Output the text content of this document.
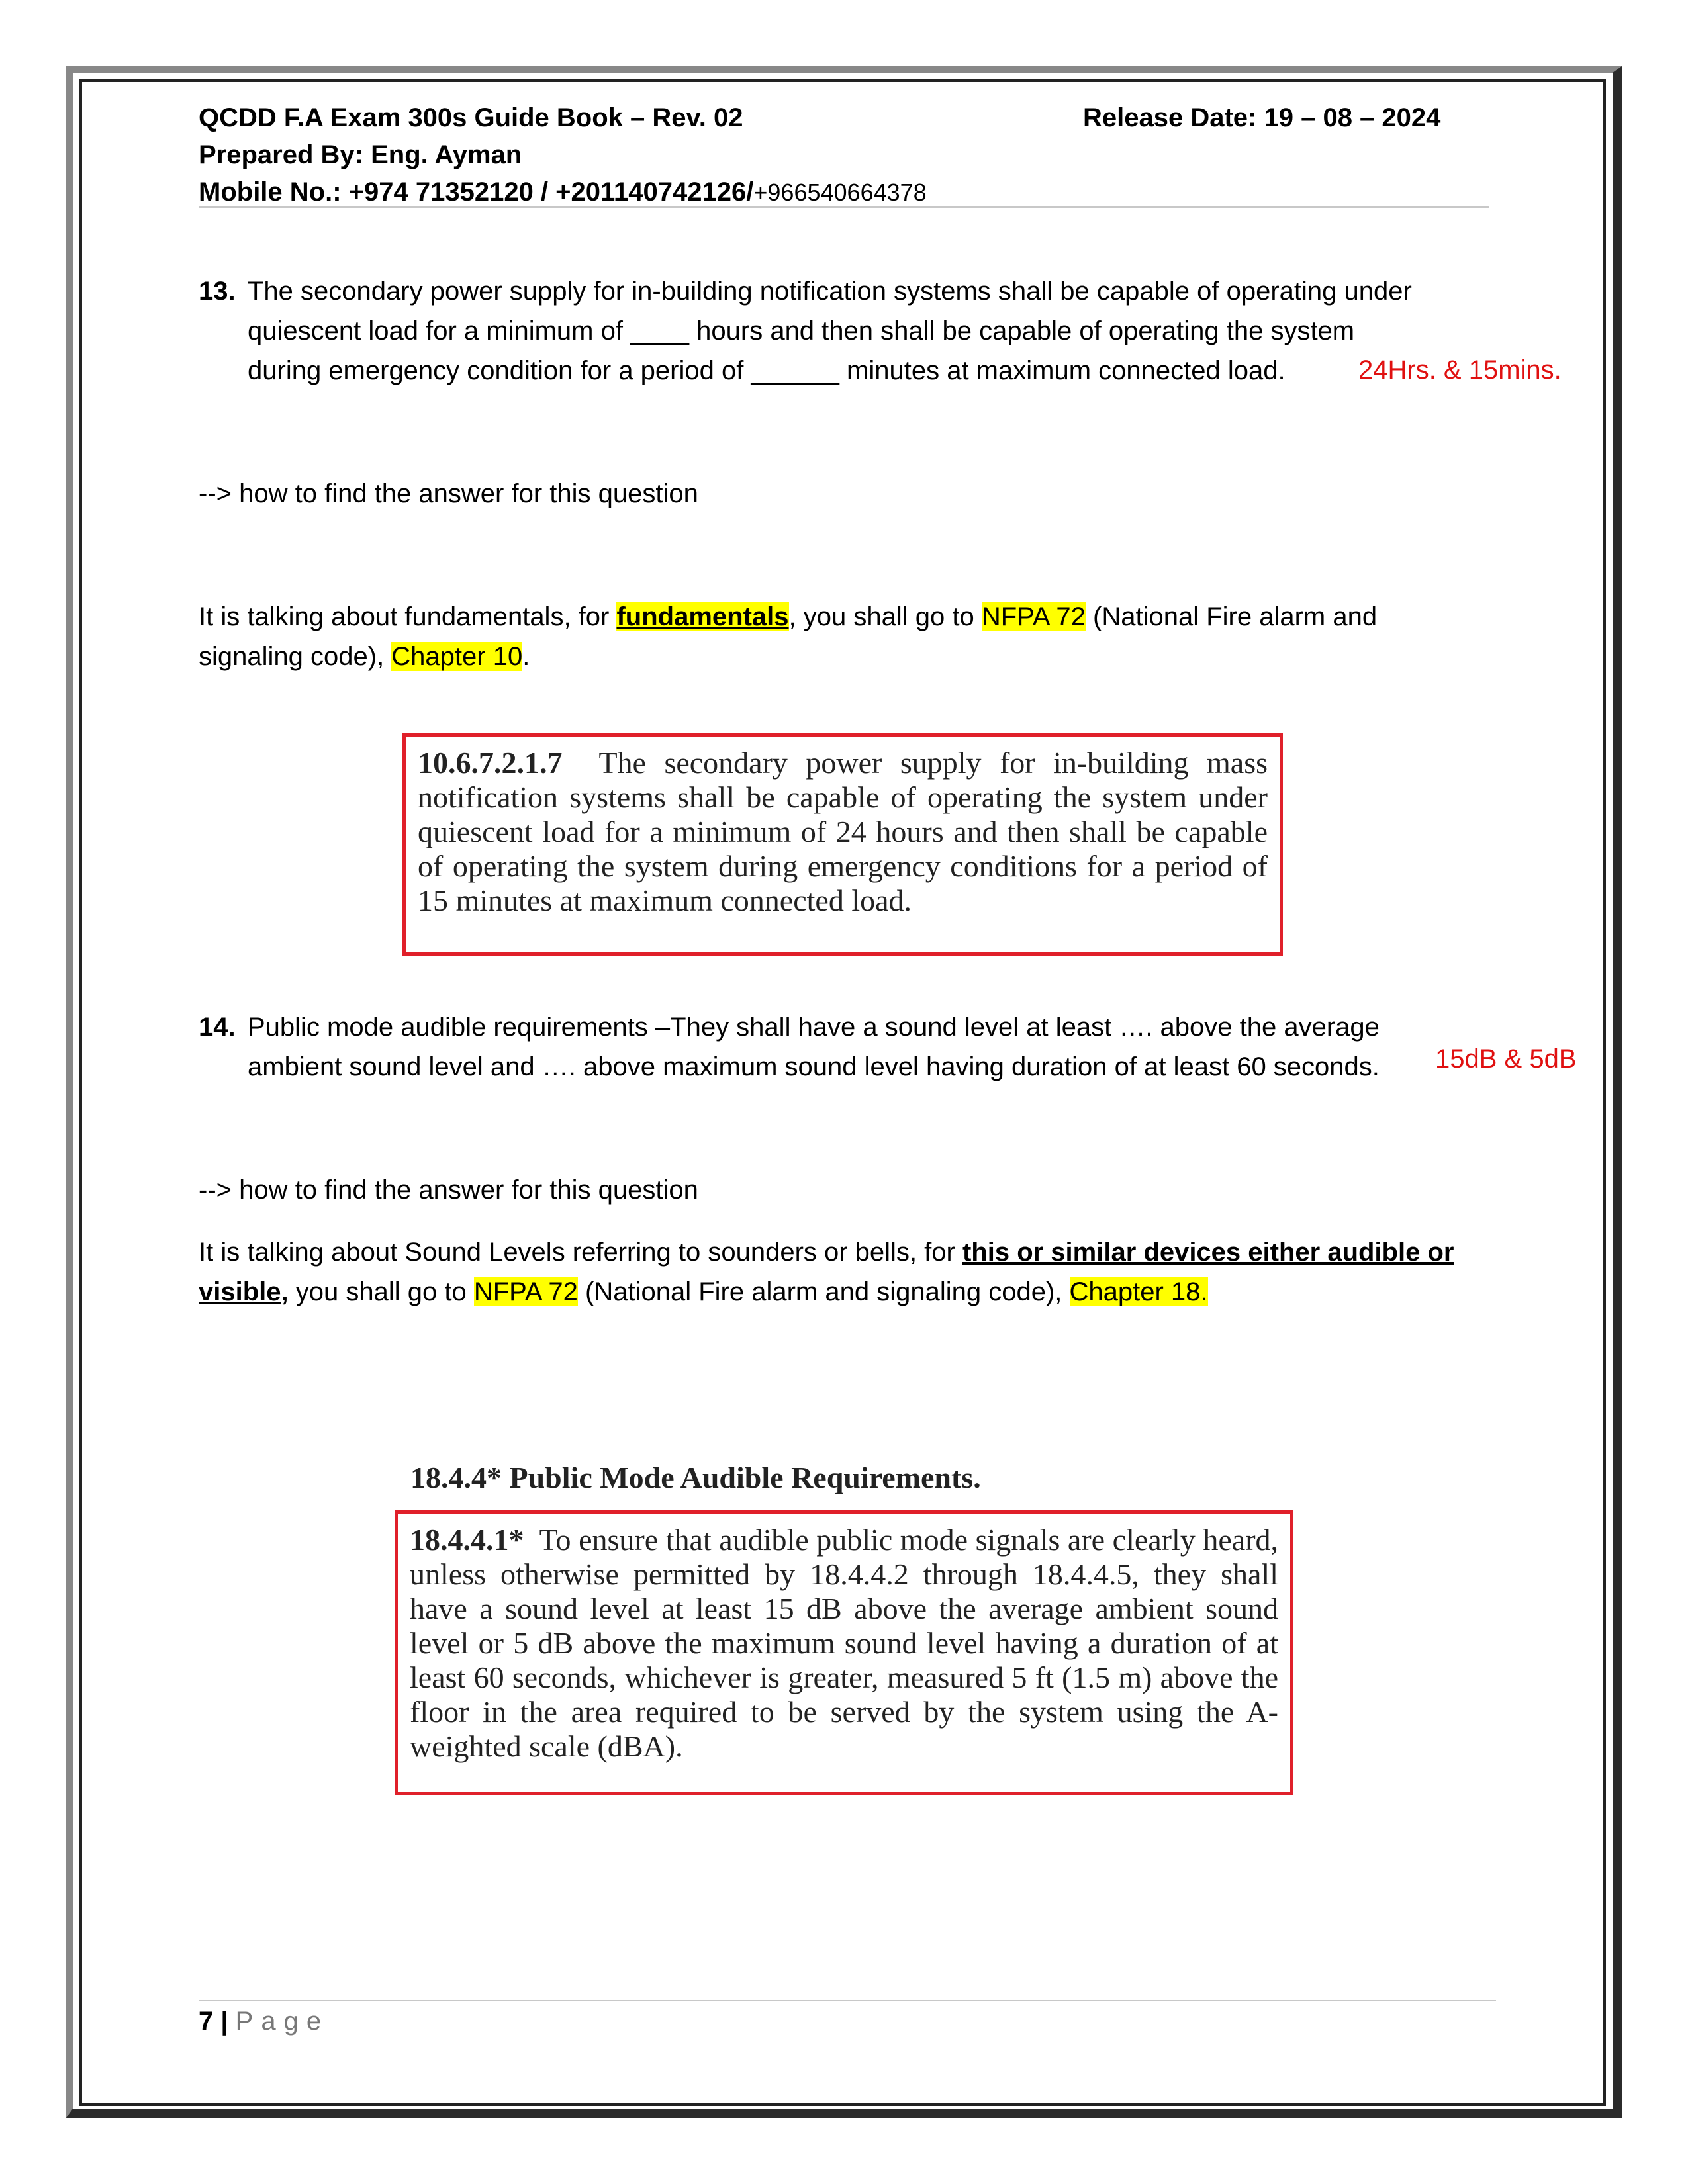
QCDD F.A Exam 300s Guide Book – Rev. 02	Release Date: 19 – 08 – 2024
Prepared By: Eng. Ayman
Mobile No.: +974 71352120 / +201140742126/+966540664378
13. The secondary power supply for in-building notification systems shall be capable of operating under
quiescent load for a minimum of ____ hours and then shall be capable of operating the system
during emergency condition for a period of ______ minutes at maximum connected load.	24Hrs. & 15mins.
--> how to find the answer for this question
It is talking about fundamentals, for fundamentals, you shall go to NFPA 72 (National Fire alarm and
signaling code), Chapter 10.
10.6.7.2.1.7 The secondary power supply for in-building mass notification systems shall be capable of operating the system under quiescent load for a minimum of 24 hours and then shall be capable of operating the system during emergency conditions for a period of 15 minutes at maximum connected load.
14. Public mode audible requirements –They shall have a sound level at least …. above the average
ambient sound level and …. above maximum sound level having duration of at least 60 seconds. 15dB & 5dB
--> how to find the answer for this question
It is talking about Sound Levels referring to sounders or bells, for this or similar devices either audible or
visible, you shall go to NFPA 72 (National Fire alarm and signaling code), Chapter 18.
18.4.4* Public Mode Audible Requirements.
18.4.4.1* To ensure that audible public mode signals are clearly heard, unless otherwise permitted by 18.4.4.2 through 18.4.4.5, they shall have a sound level at least 15 dB above the average ambient sound level or 5 dB above the maximum sound level having a duration of at least 60 seconds, whichever is greater, measured 5 ft (1.5 m) above the floor in the area required to be served by the system using the A-weighted scale (dBA).
7 | Page
